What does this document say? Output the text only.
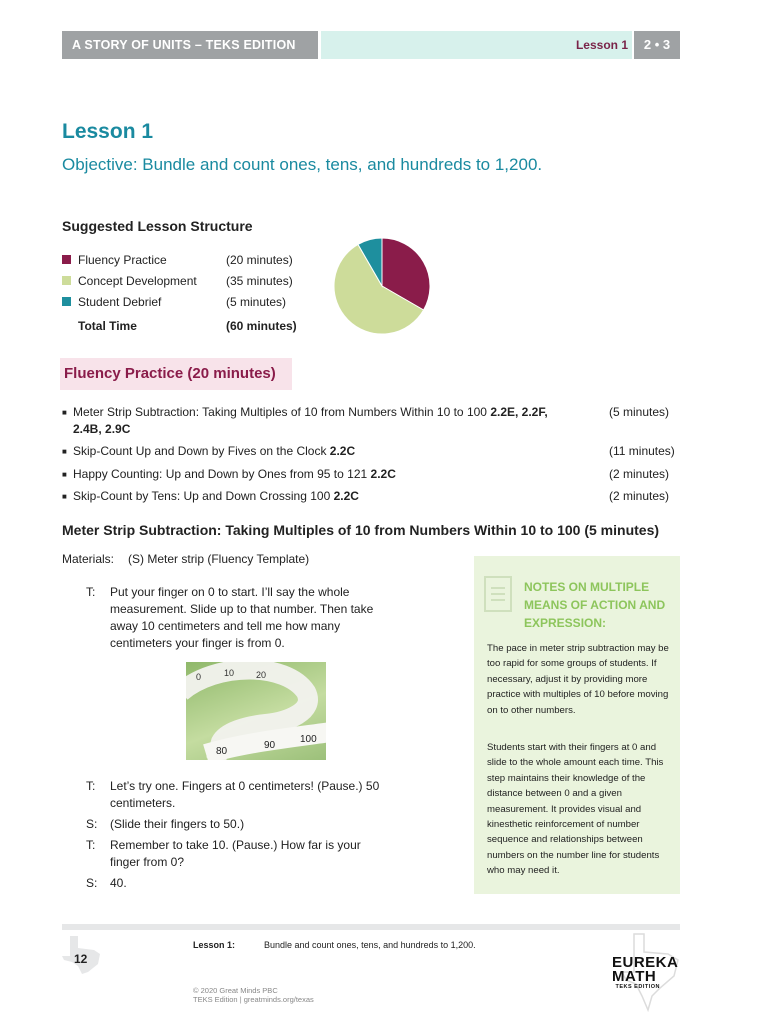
A STORY OF UNITS – TEKS EDITION	Lesson 1	2 • 3
Lesson 1
Objective: Bundle and count ones, tens, and hundreds to 1,200.
Suggested Lesson Structure
Fluency Practice	(20 minutes)
Concept Development (35 minutes)
Student Debrief	(5 minutes)
Total Time	(60 minutes)
Fluency Practice (20 minutes)
■ Meter Strip Subtraction: Taking Multiples of 10 from Numbers Within 10 to 100 2.2E, 2.2F,
2.4B, 2.9C
(5 minutes)
■ Skip-Count Up and Down by Fives on the Clock 2.2C	(11 minutes)
■ Happy Counting: Up and Down by Ones from 95 to 121 2.2C	(2 minutes)
■ Skip-Count by Tens: Up and Down Crossing 100 2.2C	(2 minutes)
Meter Strip Subtraction: Taking Multiples of 10 from Numbers Within 10 to 100 (5 minutes)
Materials: (S) Meter strip (Fluency Template)
T: Put your finger on 0 to start. I’ll say the whole measurement. Slide up to that number. Then take away 10 centimeters and tell me how many centimeters your finger is from 0.
0	10 20
80
90
100
T: Let’s try one. Fingers at 0 centimeters! (Pause.) 50 centimeters.
S: (Slide their fingers to 50.)
T: Remember to take 10. (Pause.) How far is your finger from 0?
S: 40.
NOTES ON MULTIPLE MEANS OF ACTION AND EXPRESSION:
The pace in meter strip subtraction may be too rapid for some groups of students. If necessary, adjust it by providing more practice with multiples of 10 before moving on to other numbers.
Students start with their fingers at 0 and slide to the whole amount each time. This step maintains their knowledge of the distance between 0 and a given measurement. It provides visual and kinesthetic reinforcement of number sequence and relationships between numbers on the number line for students who may need it.
12
Lesson 1:	Bundle and count ones, tens, and hundreds to 1,200.
© 2020 Great Minds PBC
TEKS Edition | greatminds.org/texas
EUREKA
MATH
TEKS EDITION
